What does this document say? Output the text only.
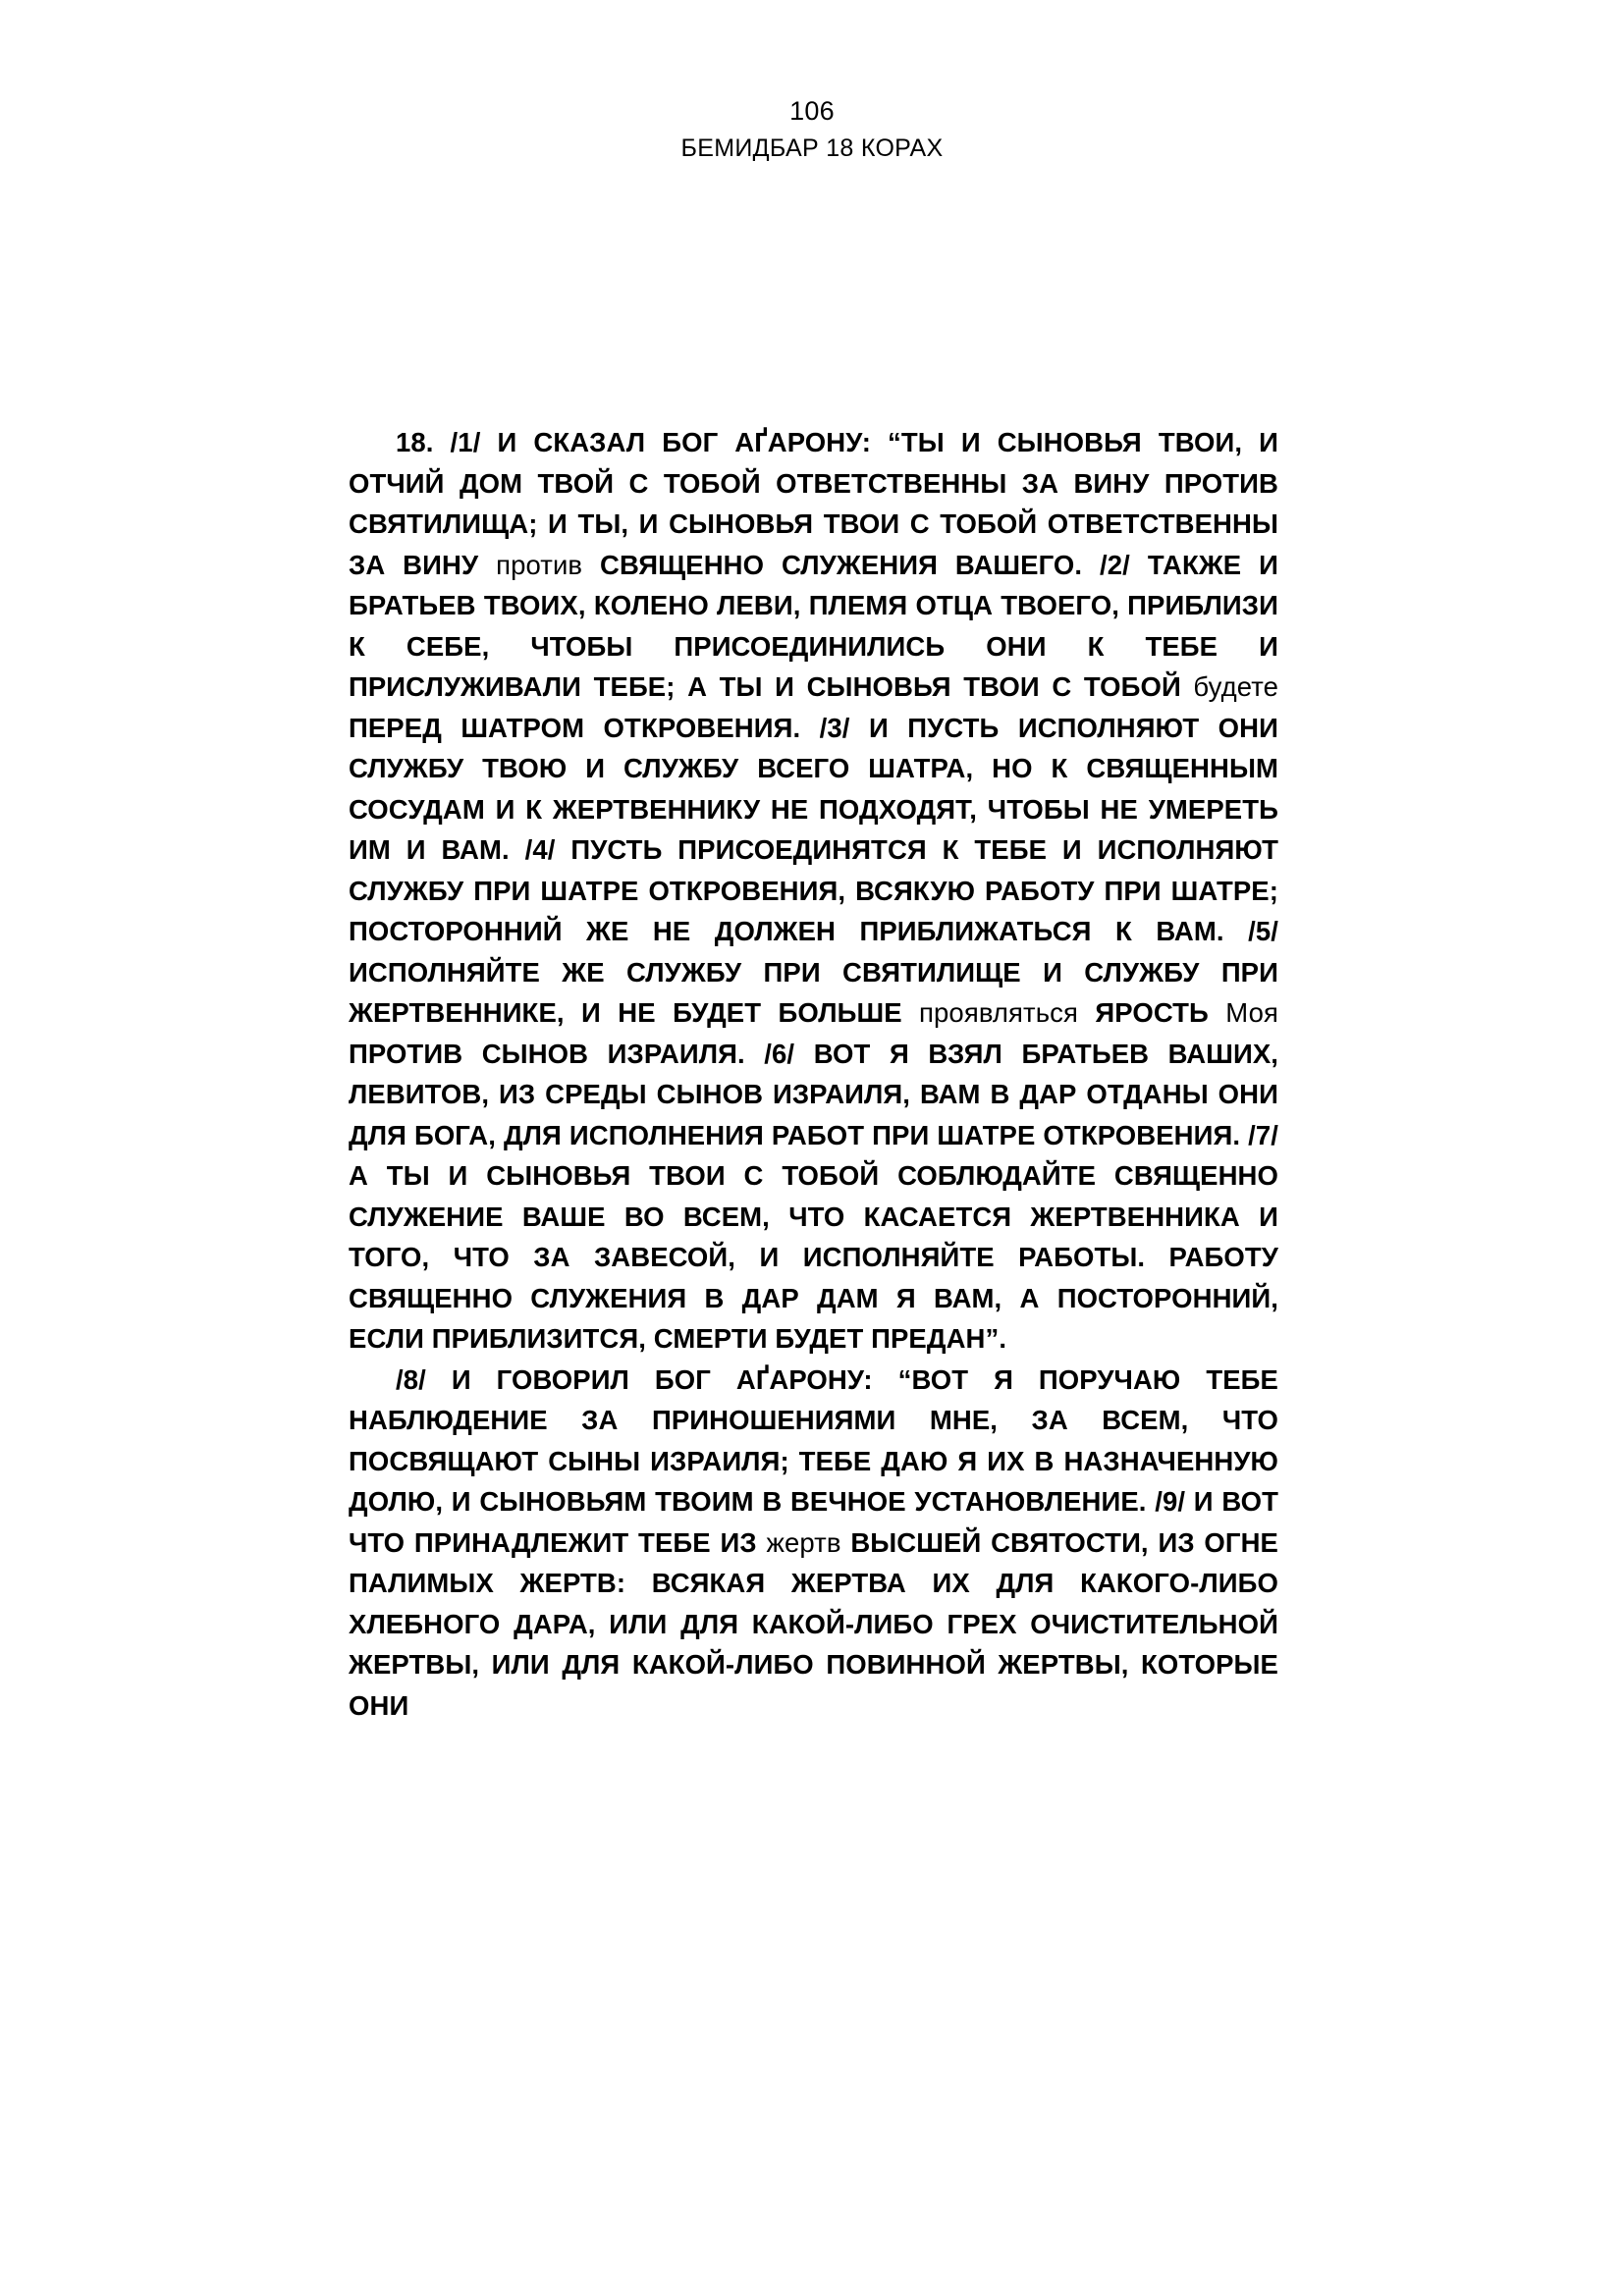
106
БЕМИДБАР 18 КОРАХ

18. /1/ И СКАЗАЛ БОГ АҐАРОНУ: “ТЫ И СЫНОВЬЯ ТВОИ, И ОТЧИЙ ДОМ ТВОЙ С ТОБОЙ ОТВЕТСТВЕННЫ ЗА ВИНУ ПРОТИВ СВЯТИЛИЩА; И ТЫ, И СЫНОВЬЯ ТВОИ С ТОБОЙ ОТВЕТСТВЕННЫ ЗА ВИНУ против СВЯЩЕННО СЛУЖЕНИЯ ВАШЕГО. /2/ ТАКЖЕ И БРАТЬЕВ ТВОИХ, КОЛЕНО ЛЕВИ, ПЛЕМЯ ОТЦА ТВОЕГО, ПРИБЛИЗИ К СЕБЕ, ЧТОБЫ ПРИСОЕДИНИЛИСЬ ОНИ К ТЕБЕ И ПРИСЛУЖИВАЛИ ТЕБЕ; А ТЫ И СЫНОВЬЯ ТВОИ С ТОБОЙ будете ПЕРЕД ШАТРОМ ОТКРОВЕНИЯ. /3/ И ПУСТЬ ИСПОЛНЯЮТ ОНИ СЛУЖБУ ТВОЮ И СЛУЖБУ ВСЕГО ШАТРА, НО К СВЯЩЕННЫМ СОСУДАМ И К ЖЕРТВЕННИКУ НЕ ПОДХОДЯТ, ЧТОБЫ НЕ УМЕРЕТЬ ИМ И ВАМ. /4/ ПУСТЬ ПРИСОЕДИНЯТСЯ К ТЕБЕ И ИСПОЛНЯЮТ СЛУЖБУ ПРИ ШАТРЕ ОТКРОВЕНИЯ, ВСЯКУЮ РАБОТУ ПРИ ШАТРЕ; ПОСТОРОННИЙ ЖЕ НЕ ДОЛЖЕН ПРИБЛИЖАТЬСЯ К ВАМ. /5/ ИСПОЛНЯЙТЕ ЖЕ СЛУЖБУ ПРИ СВЯТИЛИЩЕ И СЛУЖБУ ПРИ ЖЕРТВЕННИКЕ, И НЕ БУДЕТ БОЛЬШЕ проявляться ЯРОСТЬ Моя ПРОТИВ СЫНОВ ИЗРАИЛЯ. /6/ ВОТ Я ВЗЯЛ БРАТЬЕВ ВАШИХ, ЛЕВИТОВ, ИЗ СРЕДЫ СЫНОВ ИЗРАИЛЯ, ВАМ В ДАР ОТДАНЫ ОНИ ДЛЯ БОГА, ДЛЯ ИСПОЛНЕНИЯ РАБОТ ПРИ ШАТРЕ ОТКРОВЕНИЯ. /7/ А ТЫ И СЫНОВЬЯ ТВОИ С ТОБОЙ СОБЛЮДАЙТЕ СВЯЩЕННО СЛУЖЕНИЕ ВАШЕ ВО ВСЕМ, ЧТО КАСАЕТСЯ ЖЕРТВЕННИКА И ТОГО, ЧТО ЗА ЗАВЕСОЙ, И ИСПОЛНЯЙТЕ РАБОТЫ. РАБОТУ СВЯЩЕННО СЛУЖЕНИЯ В ДАР ДАМ Я ВАМ, А ПОСТОРОННИЙ, ЕСЛИ ПРИБЛИЗИТСЯ, СМЕРТИ БУДЕТ ПРЕДАН”.

/8/ И ГОВОРИЛ БОГ АҐАРОНУ: “ВОТ Я ПОРУЧАЮ ТЕБЕ НАБЛЮДЕНИЕ ЗА ПРИНОШЕНИЯМИ МНЕ, ЗА ВСЕМ, ЧТО ПОСВЯЩАЮТ СЫНЫ ИЗРАИЛЯ; ТЕБЕ ДАЮ Я ИХ В НАЗНАЧЕННУЮ ДОЛЮ, И СЫНОВЬЯМ ТВОИМ В ВЕЧНОЕ УСТАНОВЛЕНИЕ. /9/ И ВОТ ЧТО ПРИНАДЛЕЖИТ ТЕБЕ ИЗ жертв ВЫСШЕЙ СВЯТОСТИ, ИЗ ОГНЕ ПАЛИМЫХ ЖЕРТВ: ВСЯКАЯ ЖЕРТВА ИХ ДЛЯ КАКОГО-ЛИБО ХЛЕБНОГО ДАРА, ИЛИ ДЛЯ КАКОЙ-ЛИБО ГРЕХ ОЧИСТИТЕЛЬНОЙ ЖЕРТВЫ, ИЛИ ДЛЯ КАКОЙ-ЛИБО ПОВИННОЙ ЖЕРТВЫ, КОТОРЫЕ ОНИ
